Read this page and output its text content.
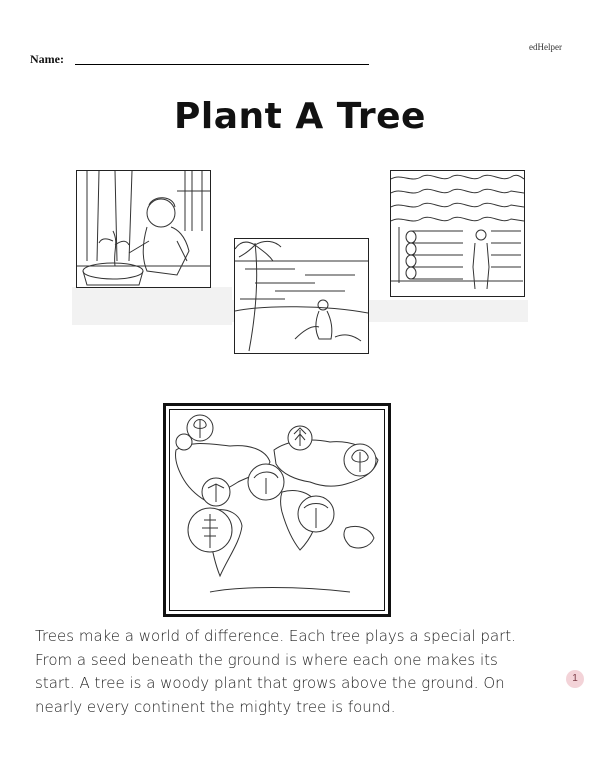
edHelper
Name:
Plant A Tree
Trees make a world of difference. Each tree plays a special part.
From a seed beneath the ground is where each one makes its
start. A tree is a woody plant that grows above the ground. On
nearly every continent the mighty tree is found.
1
